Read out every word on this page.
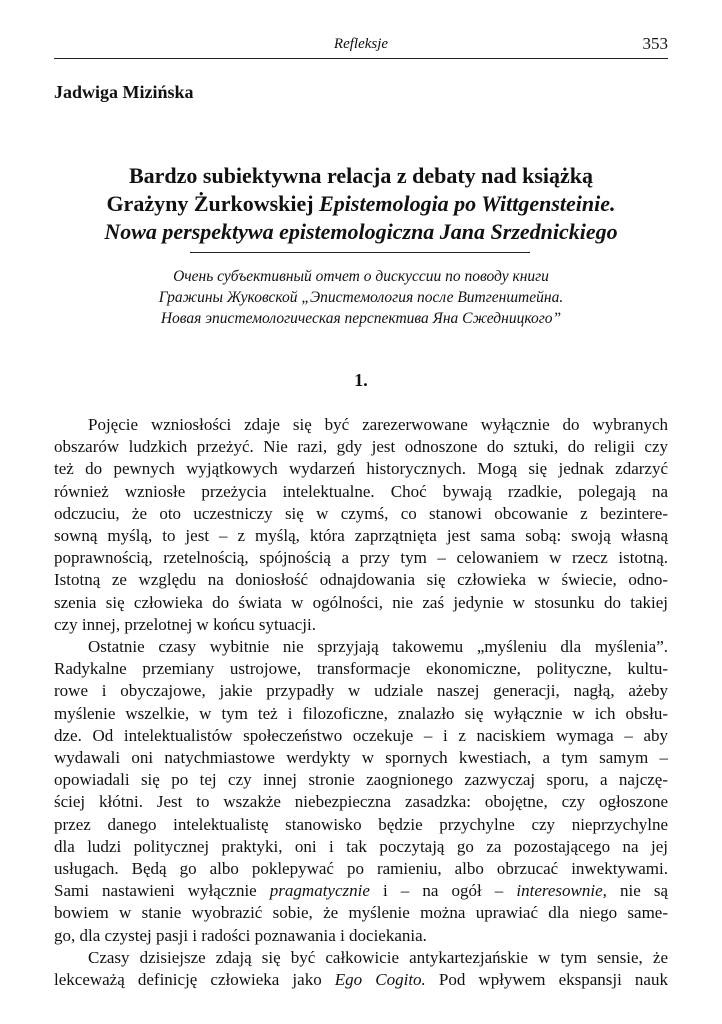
Refleksje	353
Jadwiga Mizińska
Bardzo subiektywna relacja z debaty nad książką
Grażyny Żurkowskiej Epistemologia po Wittgensteinie.
Nowa perspektywa epistemologiczna Jana Srzednickiego
Очень субъективный отчет о дискуссии по поводу книги
Гражины Жуковской „Эпистемология после Витгенштейна.
Новая эпистемологическая перспектива Яна Сжедницкого”
1.
Pojęcie wzniosłości zdaje się być zarezerwowane wyłącznie do wybranych
obszarów ludzkich przeżyć. Nie razi, gdy jest odnoszone do sztuki, do religii czy
też do pewnych wyjątkowych wydarzeń historycznych. Mogą się jednak zdarzyć
również wzniosłe przeżycia intelektualne. Choć bywają rzadkie, polegają na
odczuciu, że oto uczestniczy się w czymś, co stanowi obcowanie z bezintere-
sowną myślą, to jest – z myślą, która zaprzątnięta jest sama sobą: swoją własną
poprawnością, rzetelnością, spójnością a przy tym – celowaniem w rzecz istotną.
Istotną ze względu na doniosłość odnajdowania się człowieka w świecie, odno-
szenia się człowieka do świata w ogólności, nie zaś jedynie w stosunku do takiej
czy innej, przelotnej w końcu sytuacji.
Ostatnie czasy wybitnie nie sprzyjają takowemu „myśleniu dla myślenia”.
Radykalne przemiany ustrojowe, transformacje ekonomiczne, polityczne, kultu-
rowe i obyczajowe, jakie przypadły w udziale naszej generacji, nagłą, ażeby
myślenie wszelkie, w tym też i filozoficzne, znalazło się wyłącznie w ich obsłu-
dze. Od intelektualistów społeczeństwo oczekuje – i z naciskiem wymaga – aby
wydawali oni natychmiastowe werdykty w spornych kwestiach, a tym samym –
opowiadali się po tej czy innej stronie zaognionego zazwyczaj sporu, a najczę-
ściej kłótni. Jest to wszakże niebezpieczna zasadzka: obojętne, czy ogłoszone
przez danego intelektualistę stanowisko będzie przychylne czy nieprzychylne
dla ludzi politycznej praktyki, oni i tak poczytają go za pozostającego na jej
usługach. Będą go albo poklepywać po ramieniu, albo obrzucać inwektywami.
Sami nastawieni wyłącznie pragmatycznie i – na ogół – interesownie, nie są
bowiem w stanie wyobrazić sobie, że myślenie można uprawiać dla niego same-
go, dla czystej pasji i radości poznawania i dociekania.
Czasy dzisiejsze zdają się być całkowicie antykartezjańskie w tym sensie, że
lekceważą definicję człowieka jako Ego Cogito. Pod wpływem ekspansji nauk
